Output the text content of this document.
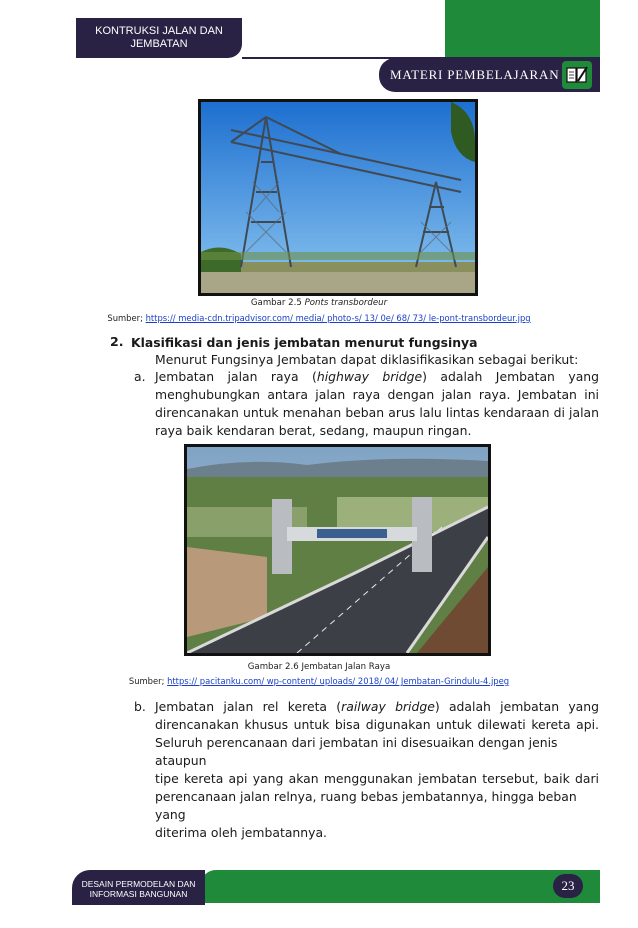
KONTRUKSI JALAN DAN
JEMBATAN
MATERI PEMBELAJARAN
Gambar 2.5 Ponts transbordeur
Sumber; https:// media-cdn.tripadvisor.com/ media/ photo-s/ 13/ 0e/ 68/ 73/ le-pont-transbordeur.jpg
2. Klasifikasi dan jenis jembatan menurut fungsinya
Menurut Fungsinya Jembatan dapat diklasifikasikan sebagai berikut:
a. Jembatan jalan raya (highway bridge) adalah Jembatan yang
menghubungkan antara jalan raya dengan jalan raya. Jembatan ini
direncanakan untuk menahan beban arus lalu lintas kendaraan di jalan
raya baik kendaran berat, sedang, maupun ringan.
Gambar 2.6 Jembatan Jalan Raya
Sumber; https:// pacitanku.com/ wp-content/ uploads/ 2018/ 04/ Jembatan-Grindulu-4.jpeg
b. Jembatan jalan rel kereta (railway bridge) adalah jembatan yang
direncanakan khusus untuk bisa digunakan untuk dilewati kereta api.
Seluruh perencanaan dari jembatan ini disesuaikan dengan jenis ataupun
tipe kereta api yang akan menggunakan jembatan tersebut, baik dari
perencanaan jalan relnya, ruang bebas jembatannya, hingga beban yang
diterima oleh jembatannya.
DESAIN PERMODELAN DAN
INFORMASI BANGUNAN
23
